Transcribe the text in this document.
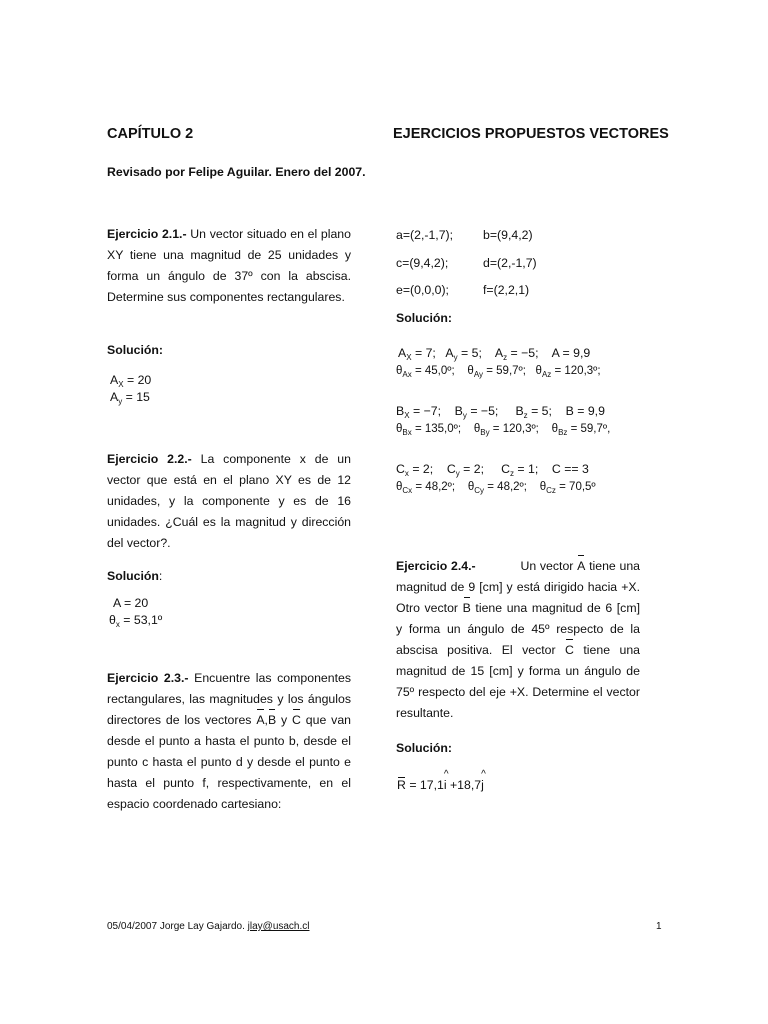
CAPÍTULO 2	EJERCICIOS PROPUESTOS VECTORES
Revisado por Felipe Aguilar. Enero del 2007.
Ejercicio 2.1.- Un vector situado en el plano XY tiene una magnitud de 25 unidades y forma un ángulo de 37º con la abscisa. Determine sus componentes rectangulares.
Solución:
$A_X = 20$
$A_y = 15$
Ejercicio 2.2.- La componente x de un vector que está en el plano XY es de 12 unidades, y la componente y es de 16 unidades. ¿Cuál es la magnitud y dirección del vector?.
Solución:
A = 20
$\theta_x$ = 53,1º
Ejercicio 2.3.- Encuentre las componentes rectangulares, las magnitudes y los ángulos directores de los vectores A,B y C que van desde el punto a hasta el punto b, desde el punto c hasta el punto d y desde el punto e hasta el punto f, respectivamente, en el espacio coordenado cartesiano:
a=(2,-1,7); b=(9,4,2)
c=(9,4,2);	d=(2,-1,7)
e=(0,0,0);	f=(2,2,1)
Solución:
$A_X = 7$;   $A_y = 5$;    $A_z = -5$; A = 9,9
$\theta_{Ax}$ = 45,0º;    $\theta_{Ay}$ = 59,7º;   $\theta_{Az}$ = 120,3º;
$B_X = -7$;    $B_y = -5$;     $B_z = 5$; B = 9,9
$\theta_{Bx}$ = 135,0º;    $\theta_{By}$ = 120,3º;    $\theta_{Bz}$ = 59,7º,
$C_x = 2$;    $C_y = 2$;     $C_z = 1$; C == 3
$\theta_{Cx}$ = 48,2º;    $\theta_{Cy}$ = 48,2º;    $\theta_{Cz}$ = 70,5º
Ejercicio 2.4.-	Un vector A tiene una magnitud de 9 [cm] y está dirigido hacia +X. Otro vector B tiene una magnitud de 6 [cm] y forma un ángulo de 45º respecto de la abscisa positiva. El vector C tiene una magnitud de 15 [cm] y forma un ángulo de 75º respecto del eje +X. Determine el vector resultante.
Solución:
R = 17,1^ i +18,7^ j
05/04/2007 Jorge Lay Gajardo. jlay@usach.cl	1
